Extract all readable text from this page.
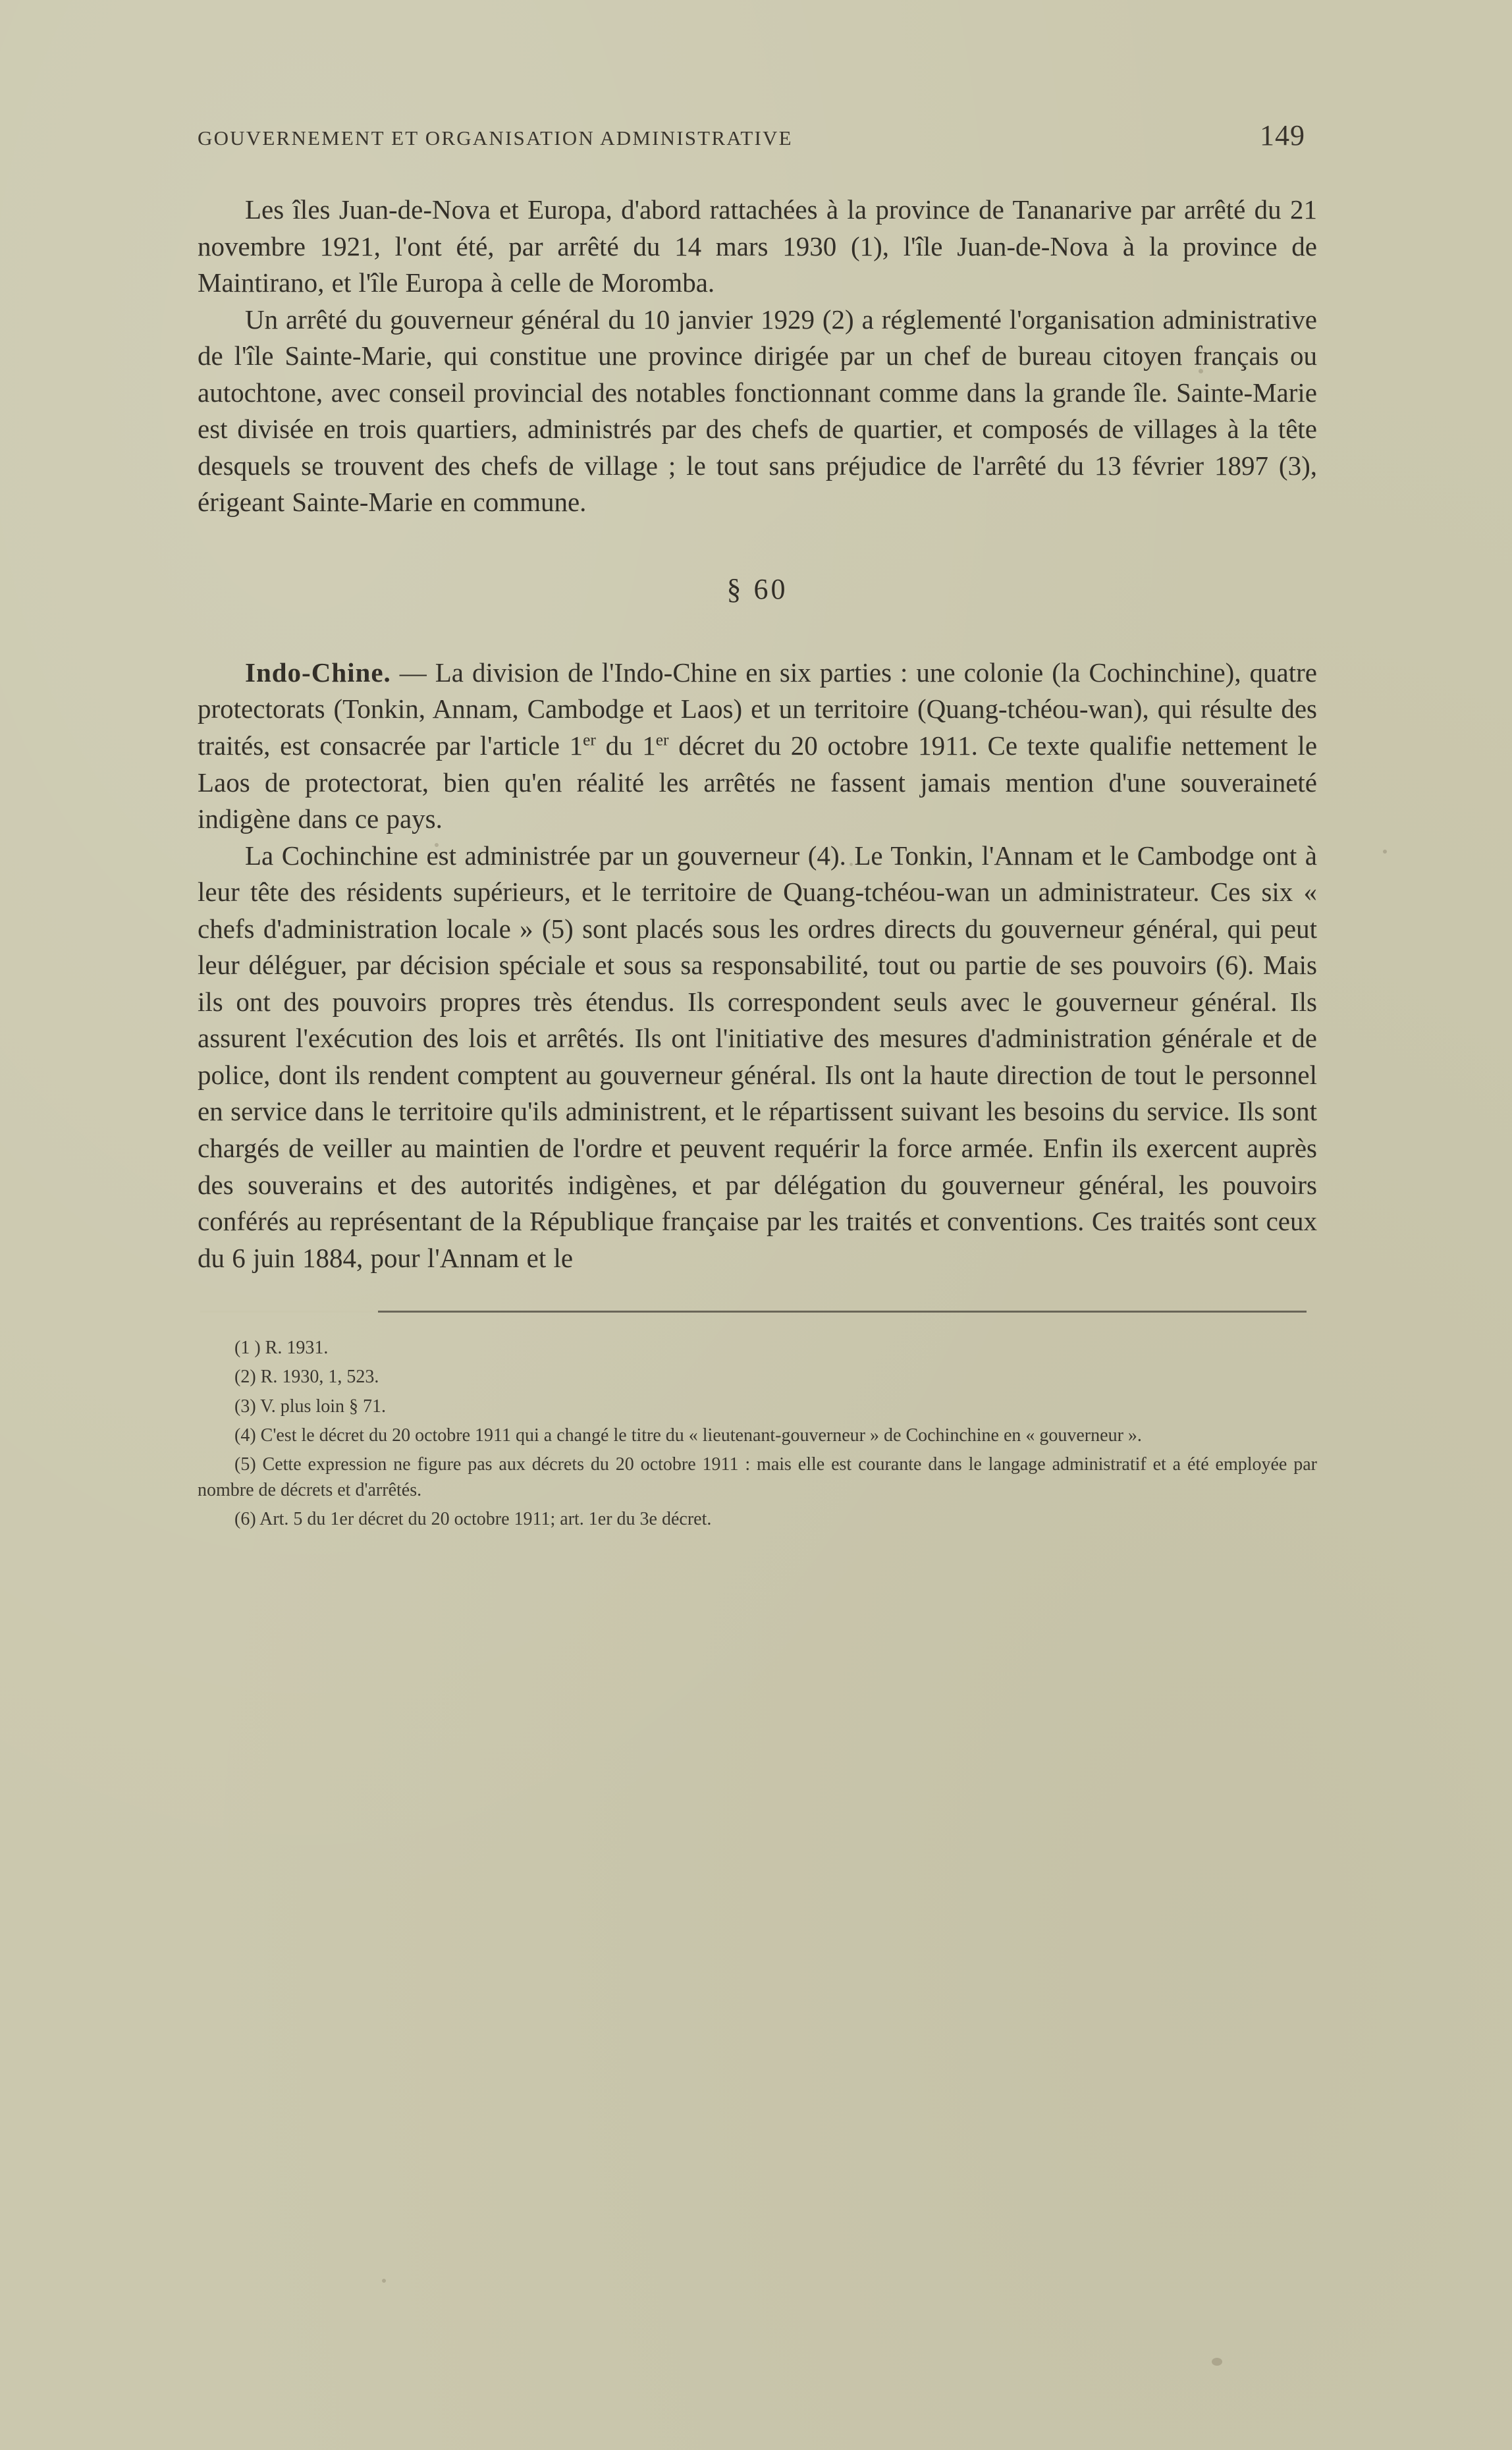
GOUVERNEMENT ET ORGANISATION ADMINISTRATIVE	149

Les îles Juan-de-Nova et Europa, d'abord rattachées à la province de Tananarive par arrêté du 21 novembre 1921, l'ont été, par arrêté du 14 mars 1930 (1), l'île Juan-de-Nova à la province de Maintirano, et l'île Europa à celle de Moromba.

Un arrêté du gouverneur général du 10 janvier 1929 (2) a réglementé l'organisation administrative de l'île Sainte-Marie, qui constitue une province dirigée par un chef de bureau citoyen français ou autochtone, avec conseil provincial des notables fonctionnant comme dans la grande île. Sainte-Marie est divisée en trois quartiers, administrés par des chefs de quartier, et composés de villages à la tête desquels se trouvent des chefs de village ; le tout sans préjudice de l'arrêté du 13 février 1897 (3), érigeant Sainte-Marie en commune.

§ 60

Indo-Chine. — La division de l'Indo-Chine en six parties : une colonie (la Cochinchine), quatre protectorats (Tonkin, Annam, Cambodge et Laos) et un territoire (Quang-tchéou-wan), qui résulte des traités, est consacrée par l'article 1er du 1er décret du 20 octobre 1911. Ce texte qualifie nettement le Laos de protectorat, bien qu'en réalité les arrêtés ne fassent jamais mention d'une souveraineté indigène dans ce pays.

La Cochinchine est administrée par un gouverneur (4). Le Tonkin, l'Annam et le Cambodge ont à leur tête des résidents supérieurs, et le territoire de Quang-tchéou-wan un administrateur. Ces six « chefs d'administration locale » (5) sont placés sous les ordres directs du gouverneur général, qui peut leur déléguer, par décision spéciale et sous sa responsabilité, tout ou partie de ses pouvoirs (6). Mais ils ont des pouvoirs propres très étendus. Ils correspondent seuls avec le gouverneur général. Ils assurent l'exécution des lois et arrêtés. Ils ont l'initiative des mesures d'administration générale et de police, dont ils rendent comptent au gouverneur général. Ils ont la haute direction de tout le personnel en service dans le territoire qu'ils administrent, et le répartissent suivant les besoins du service. Ils sont chargés de veiller au maintien de l'ordre et peuvent requérir la force armée. Enfin ils exercent auprès des souverains et des autorités indigènes, et par délégation du gouverneur général, les pouvoirs conférés au représentant de la République française par les traités et conventions. Ces traités sont ceux du 6 juin 1884, pour l'Annam et le

(1 ) R. 1931.

(2) R. 1930, 1, 523.

(3) V. plus loin § 71.

(4) C'est le décret du 20 octobre 1911 qui a changé le titre du « lieutenant-gouverneur » de Cochinchine en « gouverneur ».

(5) Cette expression ne figure pas aux décrets du 20 octobre 1911 : mais elle est courante dans le langage administratif et a été employée par nombre de décrets et d'arrêtés.

(6) Art. 5 du 1er décret du 20 octobre 1911; art. 1er du 3e décret.
